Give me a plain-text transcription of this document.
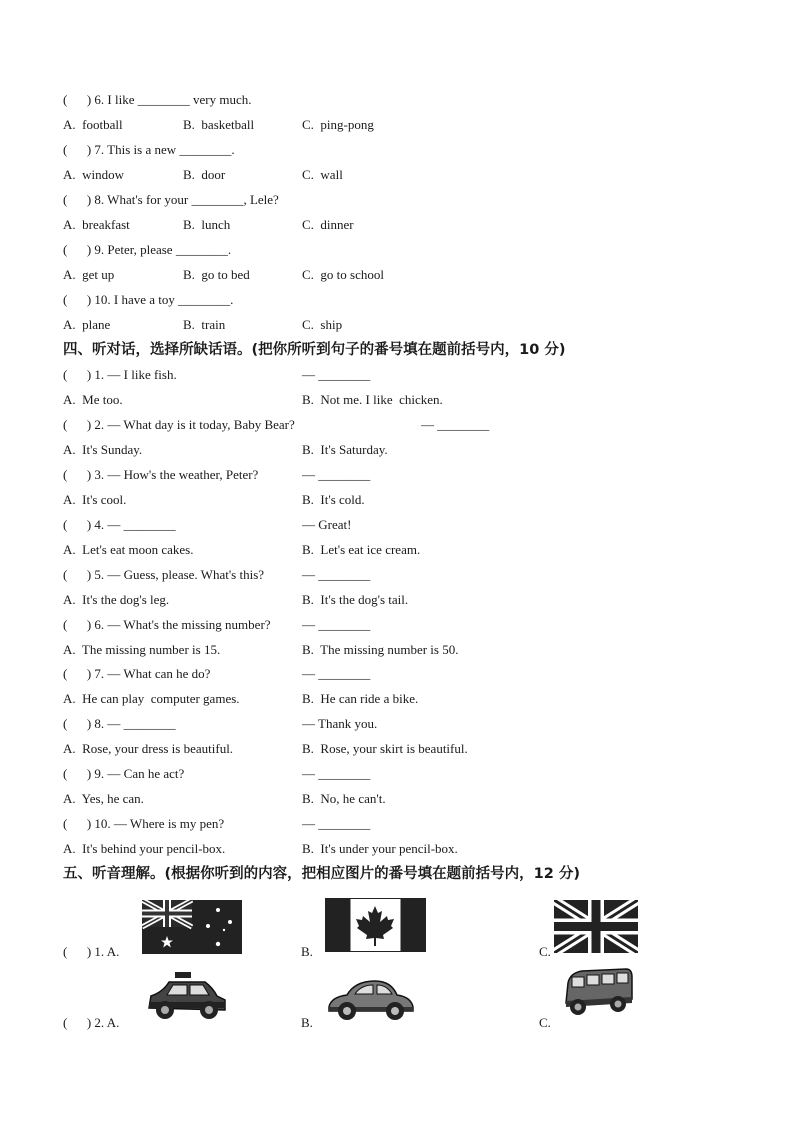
(      ) 6. I like ________ very much.
A.  football	B.  basketball	C.  ping-pong
(      ) 7. This is a new ________.
A.  window	B.  door	C.  wall
(      ) 8. What's for your ________, Lele?
A.  breakfast	B.  lunch	C.  dinner
(      ) 9. Peter, please ________.
A.  get up	B.  go to bed	C.  go to school
(      ) 10. I have a toy ________.
A.  plane	B.  train	C.  ship
四、听对话，选择所缺话语。(把你所听到句子的番号填在题前括号内，10 分)
(      ) 1. — I like fish.	— ________
A.  Me too.	B.  Not me. I like  chicken.
(      ) 2. — What day is it today, Baby Bear?	— ________
A.  It's Sunday.	B.  It's Saturday.
(      ) 3. — How's the weather, Peter?	— ________
A.  It's cool.	B.  It's cold.
(      ) 4. — ________	— Great!
A.  Let's eat moon cakes.	B.  Let's eat ice cream.
(      ) 5. — Guess, please. What's this?	— ________
A.  It's the dog's leg.	B.  It's the dog's tail.
(      ) 6. — What's the missing number? — ________
A.  The missing number is 15.	B.  The missing number is 50.
(      ) 7. — What can he do?	— ________
A.  He can play  computer games.	B.  He can ride a bike.
(      ) 8. — ________	— Thank you.
A.  Rose, your dress is beautiful.	B.  Rose, your skirt is beautiful.
(      ) 9. — Can he act?	— ________
A.  Yes, he can.	B.  No, he can't.
(      ) 10. — Where is my pen?	— ________
A.  It's behind your pencil-box.	B.  It's under your pencil-box.
五、听音理解。(根据你听到的内容，把相应图片的番号填在题前括号内，12 分)
(      ) 1. A.	B.	C.
(      ) 2. A.	B.	C.
